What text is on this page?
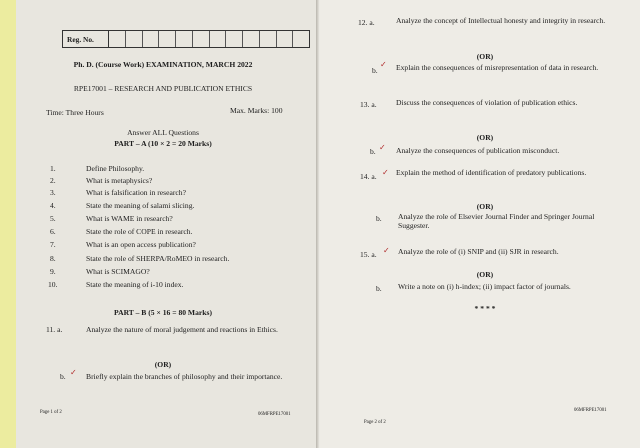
Reg. No.
Ph. D. (Course Work) EXAMINATION, MARCH 2022
RPE17001 – RESEARCH AND PUBLICATION ETHICS
Time: Three Hours	Max. Marks: 100
Answer ALL Questions
PART – A (10 × 2 = 20 Marks)
1.	Define Philosophy.
2.	What is metaphysics?
3.	What is falsification in research?
4.	State the meaning of salami slicing.
5.	What is WAME in research?
6.	State the role of COPE in research.
7.	What is an open access publication?
8.	State the role of SHERPA/RoMEO in research.
9.	What is SCIMAGO?
10.	State the meaning of i-10 index.
PART – B (5 × 16 = 80 Marks)
11. a.	Analyze the nature of moral judgement and reactions in Ethics.
(OR)
b. ✓ Briefly explain the branches of philosophy and their importance.
Page 1 of 2	06MFRPE17001
12. a.	Analyze the concept of Intellectual honesty and integrity in research.
(OR)
b.
✓ Explain the consequences of misrepresentation of data in research.
13. a.	Discuss the consequences of violation of publication ethics.
(OR)
b. ✓ Analyze the consequences of publication misconduct.
14. a. ✓ Explain the method of identification of predatory publications.
(OR)
b. Analyze the role of Elsevier Journal Finder and Springer Journal Suggester.
15. a. ✓ Analyze the role of (i) SNIP and (ii) SJR in research.
(OR)
b. Write a note on (i) h-index; (ii) impact factor of journals.
* * * *
Page 2 of 2
06MFRPE17001
